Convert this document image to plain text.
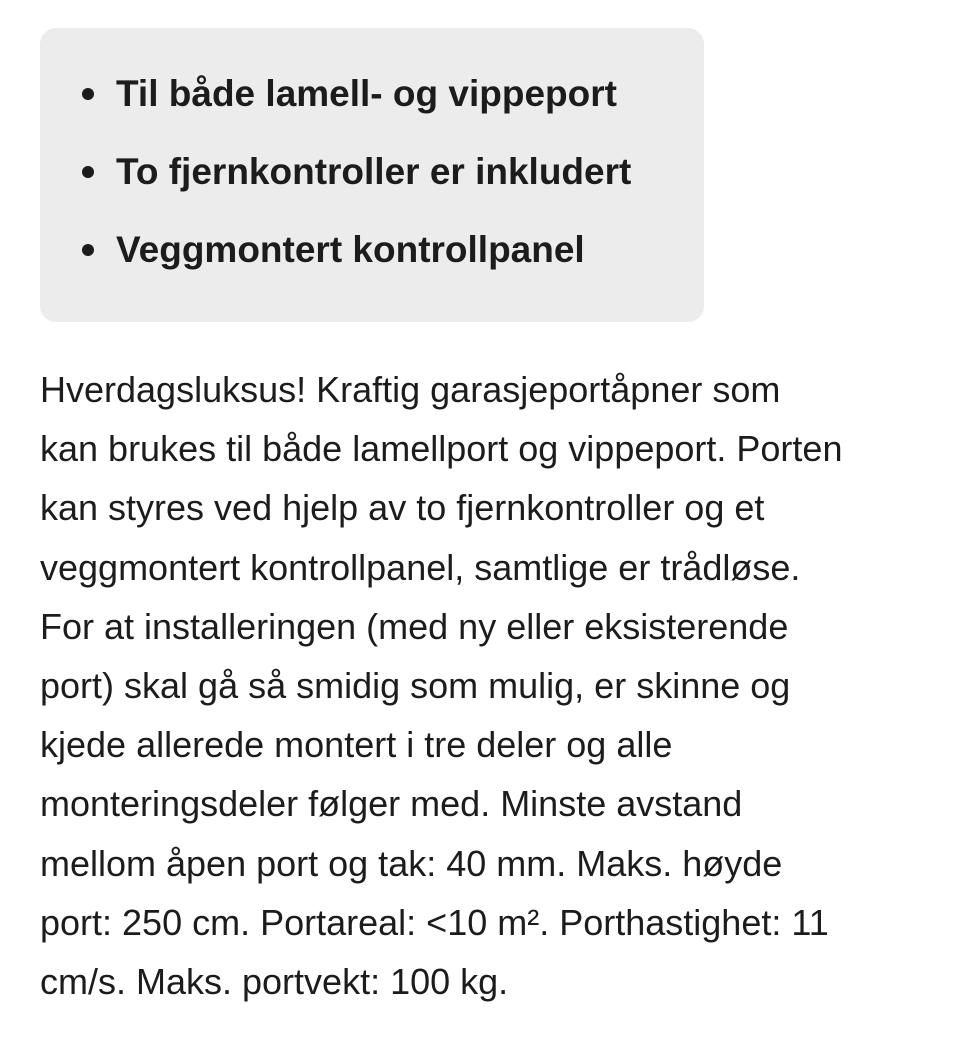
Til både lamell- og vippeport
To fjernkontroller er inkludert
Veggmontert kontrollpanel

Hverdagsluksus! Kraftig garasjeportåpner som
kan brukes til både lamellport og vippeport. Porten
kan styres ved hjelp av to fjernkontroller og et
veggmontert kontrollpanel, samtlige er trådløse.
For at installeringen (med ny eller eksisterende
port) skal gå så smidig som mulig, er skinne og
kjede allerede montert i tre deler og alle
monteringsdeler følger med. Minste avstand
mellom åpen port og tak: 40 mm. Maks. høyde
port: 250 cm. Portareal: <10 m². Porthastighet: 11
cm/s. Maks. portvekt: 100 kg.
